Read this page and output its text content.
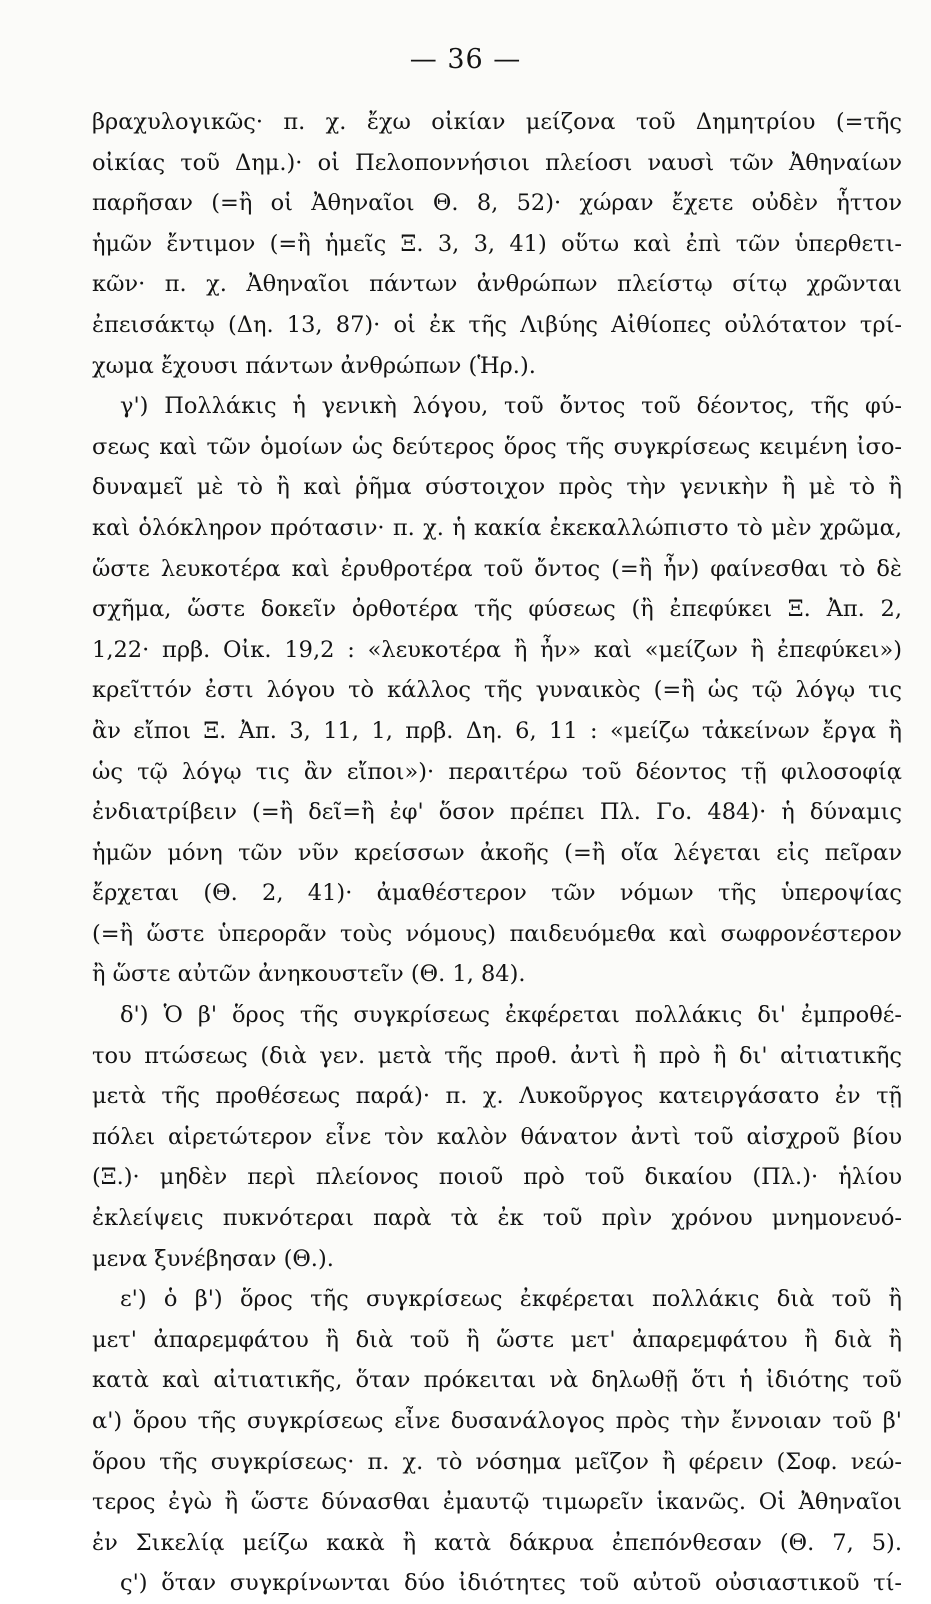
— 36 —
βραχυλογικῶς· π. χ. ἔχω οἰκίαν μείζονα τοῦ Δημητρίου (=τῆς
οἰκίας τοῦ Δημ.)· οἱ Πελοποννήσιοι πλείοσι ναυσὶ τῶν Ἀθηναίων
παρῆσαν (=ἢ οἱ Ἀθηναῖοι Θ. 8, 52)· χώραν ἔχετε οὐδὲν ἧττον
ἡμῶν ἔντιμον (=ἢ ἡμεῖς Ξ. 3, 3, 41) οὕτω καὶ ἐπὶ τῶν ὑπερθετι-
κῶν· π. χ. Ἀθηναῖοι πάντων ἀνθρώπων πλείστῳ σίτῳ χρῶνται
ἐπεισάκτῳ (Δη. 13, 87)· οἱ ἐκ τῆς Λιβύης Αἰθίοπες οὐλότατον τρί-
χωμα ἔχουσι πάντων ἀνθρώπων (Ἡρ.).
γ') Πολλάκις ἡ γενικὴ λόγου, τοῦ ὄντος τοῦ δέοντος, τῆς φύ-
σεως καὶ τῶν ὁμοίων ὡς δεύτερος ὅρος τῆς συγκρίσεως κειμένη ἰσο-
δυναμεῖ μὲ τὸ ἢ καὶ ῥῆμα σύστοιχον πρὸς τὴν γενικὴν ἢ μὲ τὸ ἢ
καὶ ὁλόκληρον πρότασιν· π. χ. ἡ κακία ἐκεκαλλώπιστο τὸ μὲν χρῶμα,
ὥστε λευκοτέρα καὶ ἐρυθροτέρα τοῦ ὄντος (=ἢ ἦν) φαίνεσθαι τὸ δὲ
σχῆμα, ὥστε δοκεῖν ὀρθοτέρα τῆς φύσεως (ἢ ἐπεφύκει Ξ. Ἀπ. 2,
1,22· πρβ. Οἰκ. 19,2 : «λευκοτέρα ἢ ἦν» καὶ «μείζων ἢ ἐπεφύκει»)
κρεῖττόν ἐστι λόγου τὸ κάλλος τῆς γυναικὸς (=ἢ ὡς τῷ λόγῳ τις
ἂν εἴποι Ξ. Ἀπ. 3, 11, 1, πρβ. Δη. 6, 11 : «μείζω τἀκείνων ἔργα ἢ
ὡς τῷ λόγῳ τις ἂν εἴποι»)· περαιτέρω τοῦ δέοντος τῇ φιλοσοφίᾳ
ἐνδιατρίβειν (=ἢ δεῖ=ἢ ἐφ' ὅσον πρέπει Πλ. Γο. 484)· ἡ δύναμις
ἡμῶν μόνη τῶν νῦν κρείσσων ἀκοῆς (=ἢ οἵα λέγεται εἰς πεῖραν
ἔρχεται (Θ. 2, 41)· ἀμαθέστερον τῶν νόμων τῆς ὑπεροψίας
(=ἢ ὥστε ὑπερορᾶν τοὺς νόμους) παιδευόμεθα καὶ σωφρονέστερον
ἢ ὥστε αὐτῶν ἀνηκουστεῖν (Θ. 1, 84).
δ') Ὁ β' ὅρος τῆς συγκρίσεως ἐκφέρεται πολλάκις δι' ἐμπροθέ-
του πτώσεως (διὰ γεν. μετὰ τῆς προθ. ἀντὶ ἢ πρὸ ἢ δι' αἰτιατικῆς
μετὰ τῆς προθέσεως παρά)· π. χ. Λυκοῦργος κατειργάσατο ἐν τῇ
πόλει αἱρετώτερον εἶνε τὸν καλὸν θάνατον ἀντὶ τοῦ αἰσχροῦ βίου
(Ξ.)· μηδὲν περὶ πλείονος ποιοῦ πρὸ τοῦ δικαίου (Πλ.)· ἡλίου
ἐκλείψεις πυκνότεραι παρὰ τὰ ἐκ τοῦ πρὶν χρόνου μνημονευό-
μενα ξυνέβησαν (Θ.).
ε') ὁ β') ὅρος τῆς συγκρίσεως ἐκφέρεται πολλάκις διὰ τοῦ ἢ
μετ' ἀπαρεμφάτου ἢ διὰ τοῦ ἢ ὥστε μετ' ἀπαρεμφάτου ἢ διὰ ἢ
κατὰ καὶ αἰτιατικῆς, ὅταν πρόκειται νὰ δηλωθῇ ὅτι ἡ ἰδιότης τοῦ
α') ὅρου τῆς συγκρίσεως εἶνε δυσανάλογος πρὸς τὴν ἔννοιαν τοῦ β'
ὅρου τῆς συγκρίσεως· π. χ. τὸ νόσημα μεῖζον ἢ φέρειν (Σοφ. νεώ-
τερος ἐγὼ ἢ ὥστε δύνασθαι ἐμαυτῷ τιμωρεῖν ἱκανῶς. Οἱ Ἀθηναῖοι
ἐν Σικελίᾳ μείζω κακὰ ἢ κατὰ δάκρυα ἐπεπόνθεσαν (Θ. 7, 5).
ς') ὅταν συγκρίνωνται δύο ἰδιότητες τοῦ αὐτοῦ οὐσιαστικοῦ τί-
